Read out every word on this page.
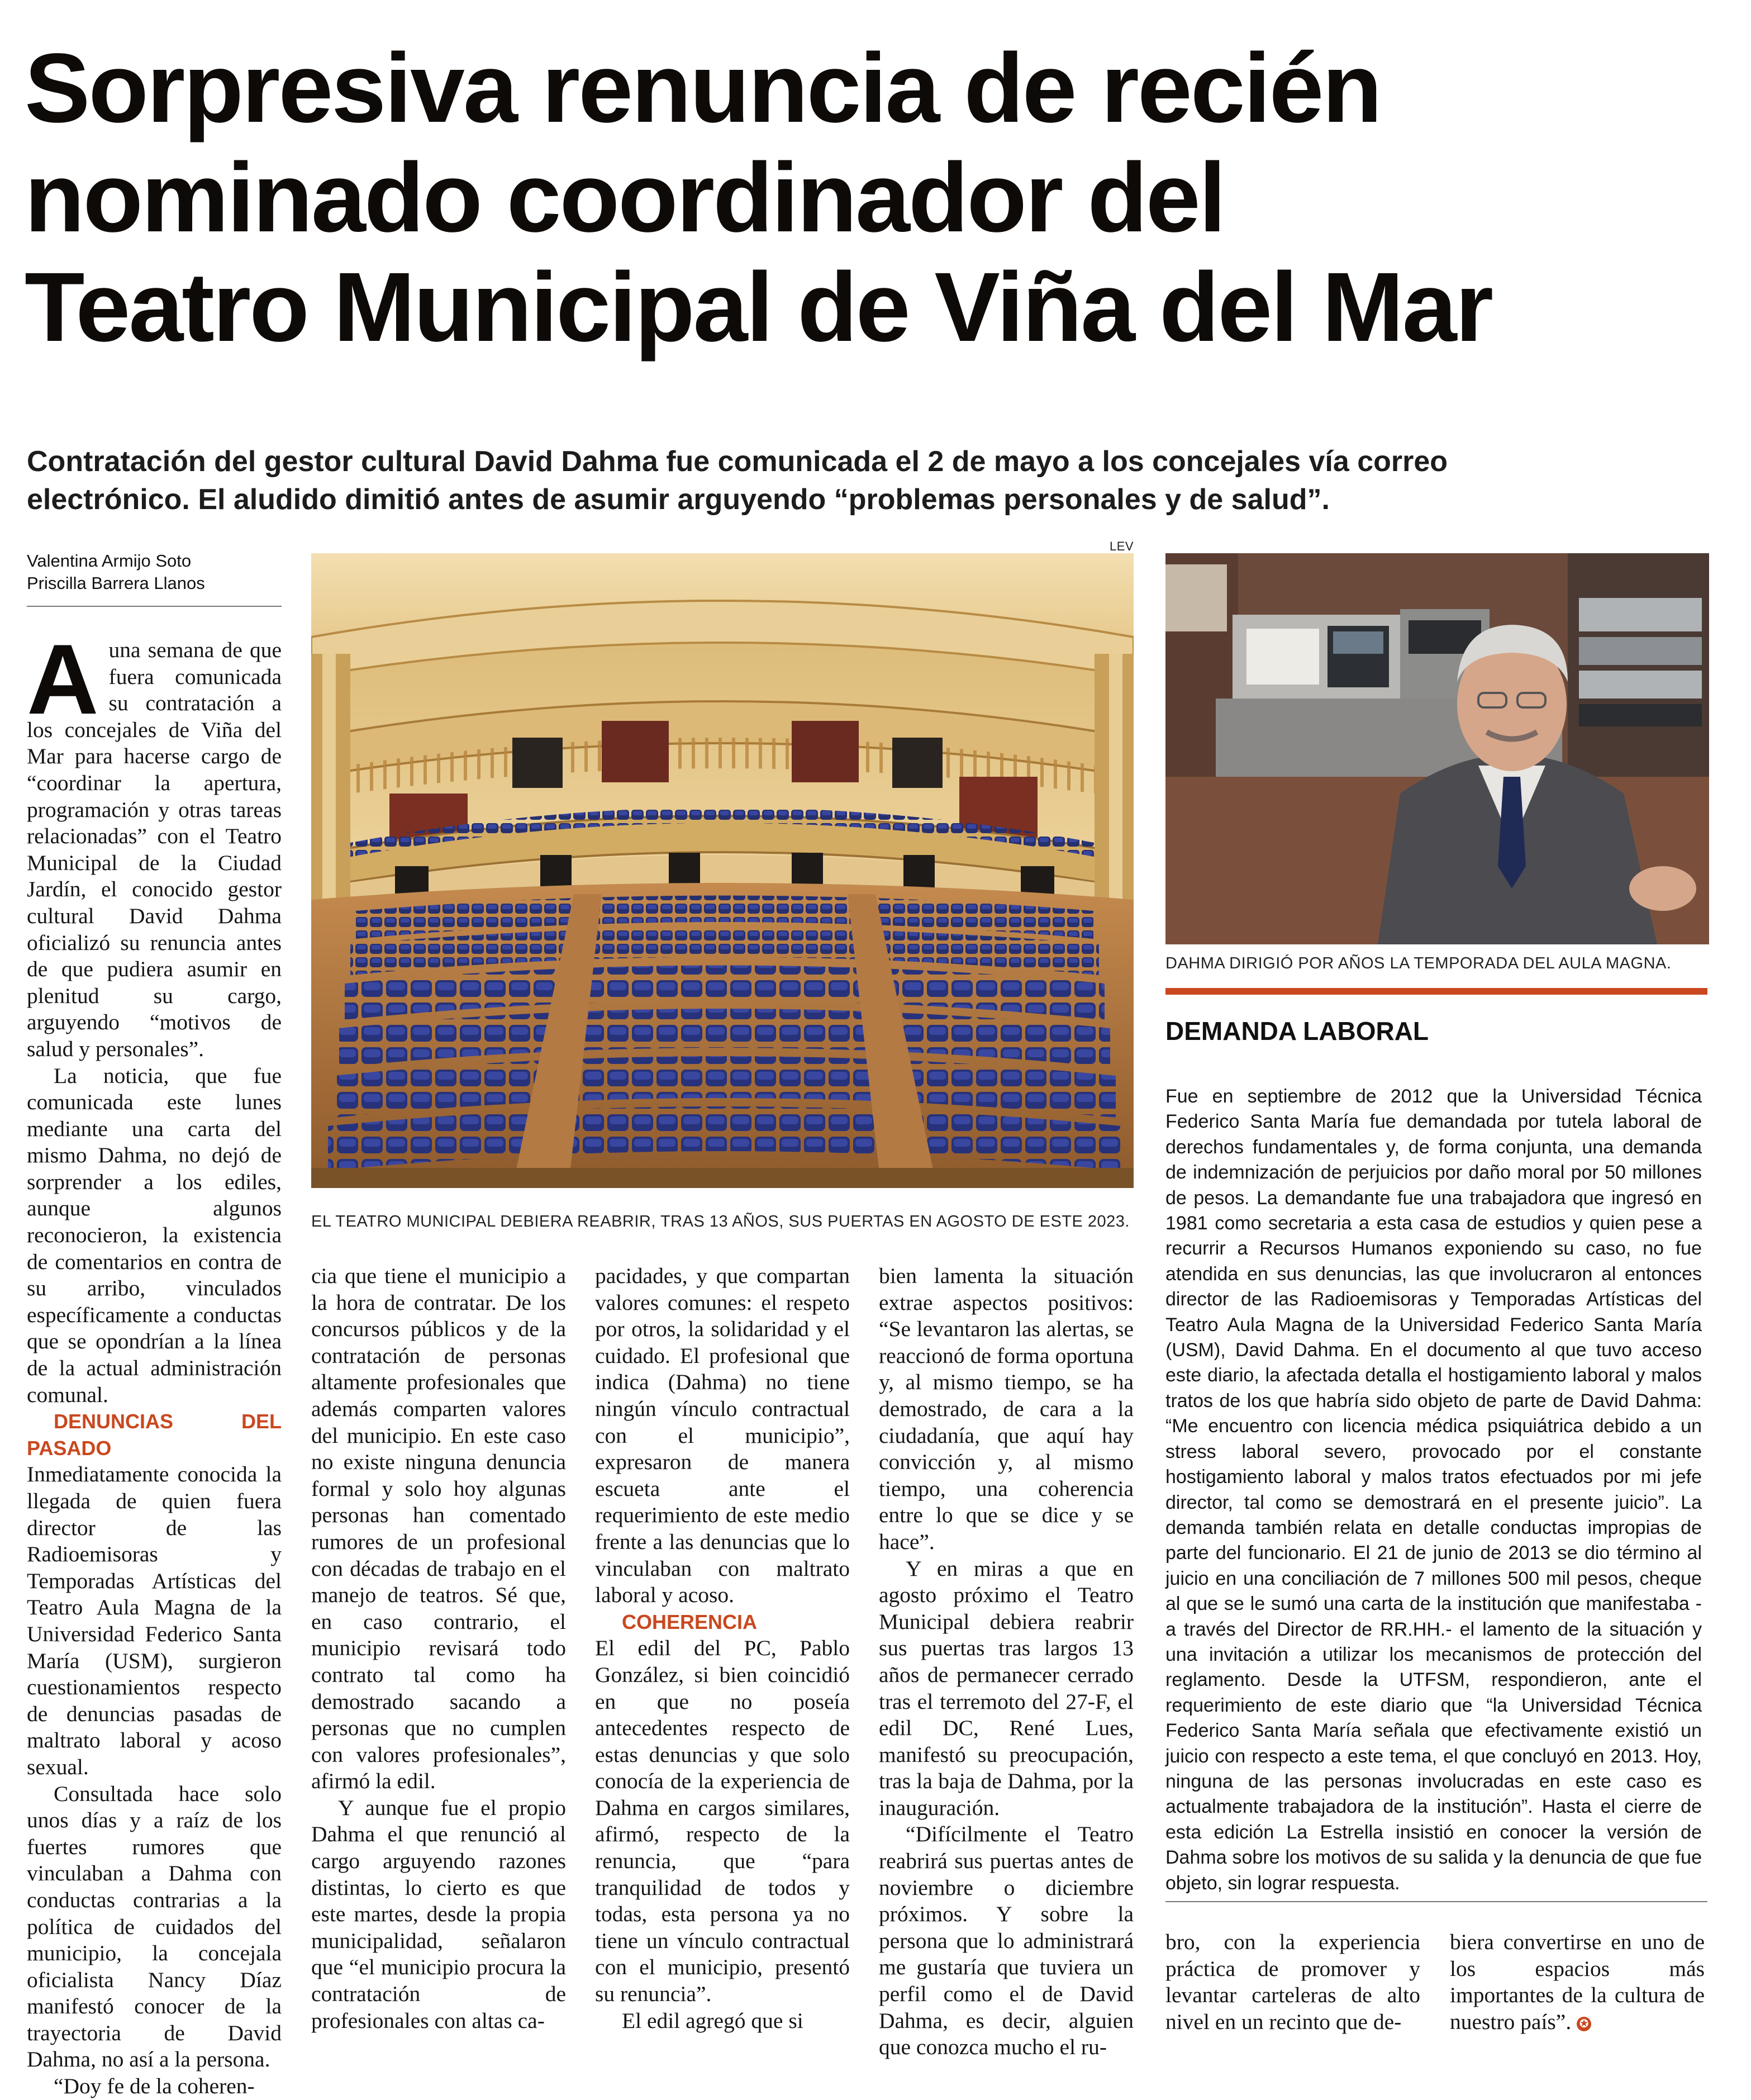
Sorpresiva renuncia de recién
nominado coordinador del
Teatro Municipal de Viña del Mar
Contratación del gestor cultural David Dahma fue comunicada el 2 de mayo a los concejales vía correo
electrónico. El aludido dimitió antes de asumir arguyendo “problemas personales y de salud”.
Valentina Armijo Soto
Priscilla Barrera Llanos
LEV
EL TEATRO MUNICIPAL DEBIERA REABRIR, TRAS 13 AÑOS, SUS PUERTAS EN AGOSTO DE ESTE 2023.
DAHMA DIRIGIÓ POR AÑOS LA TEMPORADA DEL AULA MAGNA.
DEMANDA LABORAL
Fue en septiembre de 2012 que la Universidad Técnica Federico Santa María fue demandada por tutela laboral de derechos fundamentales y, de forma conjunta, una demanda de indemnización de perjuicios por daño moral por 50 millones de pesos. La demandante fue una trabajadora que ingresó en 1981 como secretaria a esta casa de estudios y quien pese a recurrir a Recursos Humanos exponiendo su caso, no fue atendida en sus denuncias, las que involucraron al entonces director de las Radioemisoras y Temporadas Artísticas del Teatro Aula Magna de la Universidad Federico Santa María (USM), David Dahma. En el documento al que tuvo acceso este diario, la afectada detalla el hostigamiento laboral y malos tratos de los que habría sido objeto de parte de David Dahma: “Me encuentro con licencia médica psiquiátrica debido a un stress laboral severo, provocado por el constante hostigamiento laboral y malos tratos efectuados por mi jefe director, tal como se demostrará en el presente juicio”. La demanda también relata en detalle conductas impropias de parte del funcionario. El 21 de junio de 2013 se dio término al juicio en una conciliación de 7 millones 500 mil pesos, cheque al que se le sumó una carta de la institución que manifestaba -a través del Director de RR.HH.- el lamento de la situación y una invitación a utilizar los mecanismos de protección del reglamento. Desde la UTFSM, respondieron, ante el requerimiento de este diario que “la Universidad Técnica Federico Santa María señala que efectivamente existió un juicio con respecto a este tema, el que concluyó en 2013. Hoy, ninguna de las personas involucradas en este caso es actualmente trabajadora de la institución”. Hasta el cierre de esta edición La Estrella insistió en conocer la versión de Dahma sobre los motivos de su salida y la denuncia de que fue objeto, sin lograr respuesta.

Auna semana de que fuera comunicada su contratación a los concejales de Viña del Mar para hacerse cargo de “coordinar la apertura, programación y otras tareas relacionadas” con el Teatro Municipal de la Ciudad Jardín, el conocido gestor cultural David Dahma oficializó su renuncia antes de que pudiera asumir en plenitud su cargo, arguyendo “motivos de salud y personales”.

La noticia, que fue comunicada este lunes mediante una carta del mismo Dahma, no dejó de sorprender a los ediles, aunque algunos reconocieron, la existencia de comentarios en contra de su arribo, vinculados específicamente a conductas que se opondrían a la línea de la actual administración comunal.

DENUNCIAS DEL PASADO

Inmediatamente conocida la llegada de quien fuera director de las Radioemisoras y Temporadas Artísticas del Teatro Aula Magna de la Universidad Federico Santa María (USM), surgieron cuestionamientos respecto de denuncias pasadas de maltrato laboral y acoso sexual.

Consultada hace solo unos días y a raíz de los fuertes rumores que vinculaban a Dahma con conductas contrarias a la política de cuidados del municipio, la concejala oficialista Nancy Díaz manifestó conocer de la trayectoria de David Dahma, no así a la persona.

“Doy fe de la coheren-

cia que tiene el municipio a la hora de contratar. De los concursos públicos y de la contratación de personas altamente profesionales que además comparten valores del municipio. En este caso no existe ninguna denuncia formal y solo hoy algunas personas han comentado rumores de un profesional con décadas de trabajo en el manejo de teatros. Sé que, en caso contrario, el municipio revisará todo contrato tal como ha demostrado sacando a personas que no cumplen con valores profesionales”, afirmó la edil.

Y aunque fue el propio Dahma el que renunció al cargo arguyendo razones distintas, lo cierto es que este martes, desde la propia municipalidad, señalaron que “el municipio procura la contratación de profesionales con altas ca-

pacidades, y que compartan valores comunes: el respeto por otros, la solidaridad y el cuidado. El profesional que indica (Dahma) no tiene ningún vínculo contractual con el municipio”, expresaron de manera escueta ante el requerimiento de este medio frente a las denuncias que lo vinculaban con maltrato laboral y acoso.

COHERENCIA

El edil del PC, Pablo González, si bien coincidió en que no poseía antecedentes respecto de estas denuncias y que solo conocía de la experiencia de Dahma en cargos similares, afirmó, respecto de la renuncia, que “para tranquilidad de todos y todas, esta persona ya no tiene un vínculo contractual con el municipio, presentó su renuncia”.

El edil agregó que si

bien lamenta la situación extrae aspectos positivos: “Se levantaron las alertas, se reaccionó de forma oportuna y, al mismo tiempo, se ha demostrado, de cara a la ciudadanía, que aquí hay convicción y, al mismo tiempo, una coherencia entre lo que se dice y se hace”.

Y en miras a que en agosto próximo el Teatro Municipal debiera reabrir sus puertas tras largos 13 años de permanecer cerrado tras el terremoto del 27-F, el edil DC, René Lues, manifestó su preocupación, tras la baja de Dahma, por la inauguración.

“Difícilmente el Teatro reabrirá sus puertas antes de noviembre o diciembre próximos. Y sobre la persona que lo administrará me gustaría que tuviera un perfil como el de David Dahma, es decir, alguien que conozca mucho el ru-

bro, con la experiencia práctica de promover y levantar carteleras de alto nivel en un recinto que de-

biera convertirse en uno de los espacios más importantes de la cultura de nuestro país”. ✪
